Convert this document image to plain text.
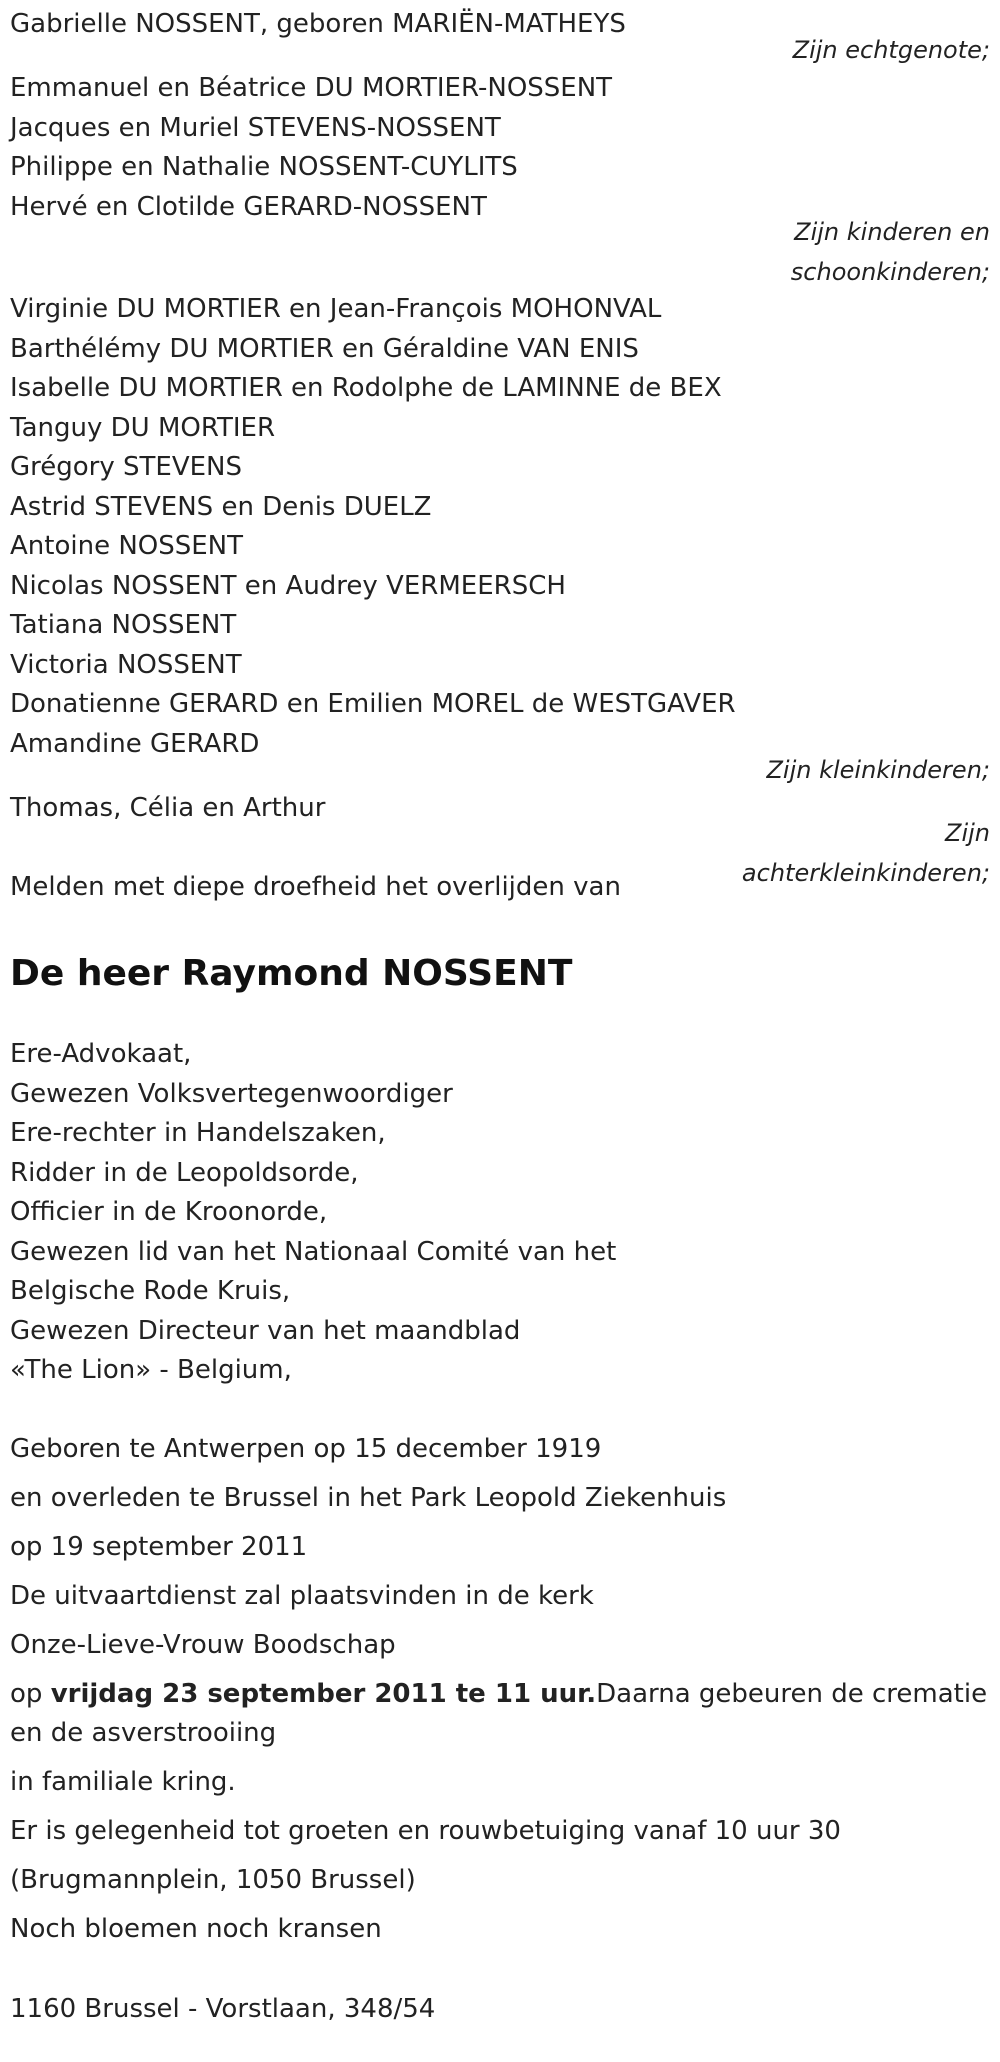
Gabrielle NOSSENT, geboren MARIËN-MATHEYS
Zijn echtgenote;
Emmanuel en Béatrice DU MORTIER-NOSSENT
Jacques en Muriel STEVENS-NOSSENT
Philippe en Nathalie NOSSENT-CUYLITS
Hervé en Clotilde GERARD-NOSSENT
Zijn kinderen en
schoonkinderen;
Virginie DU MORTIER en Jean-François MOHONVAL
Barthélémy DU MORTIER en Géraldine VAN ENIS
Isabelle DU MORTIER en Rodolphe de LAMINNE de BEX
Tanguy DU MORTIER
Grégory STEVENS
Astrid STEVENS en Denis DUELZ
Antoine NOSSENT
Nicolas NOSSENT en Audrey VERMEERSCH
Tatiana NOSSENT
Victoria NOSSENT
Donatienne GERARD en Emilien MOREL de WESTGAVER
Amandine GERARD
Zijn kleinkinderen;
Thomas, Célia en Arthur
Zijn
achterkleinkinderen;
Melden met diepe droefheid het overlijden van
De heer Raymond NOSSENT
Ere-Advokaat,
Gewezen Volksvertegenwoordiger
Ere-rechter in Handelszaken,
Ridder in de Leopoldsorde,
Officier in de Kroonorde,
Gewezen lid van het Nationaal Comité van het
Belgische Rode Kruis,
Gewezen Directeur van het maandblad
«The Lion» - Belgium,
Geboren te Antwerpen op 15 december 1919
en overleden te Brussel in het Park Leopold Ziekenhuis
op 19 september 2011
De uitvaartdienst zal plaatsvinden in de kerk
Onze-Lieve-Vrouw Boodschap
op vrijdag 23 september 2011 te 11 uur.Daarna gebeuren de crematie
en de asverstrooiing
in familiale kring.
Er is gelegenheid tot groeten en rouwbetuiging vanaf 10 uur 30
(Brugmannplein, 1050 Brussel)
Noch bloemen noch kransen
1160 Brussel - Vorstlaan, 348/54
